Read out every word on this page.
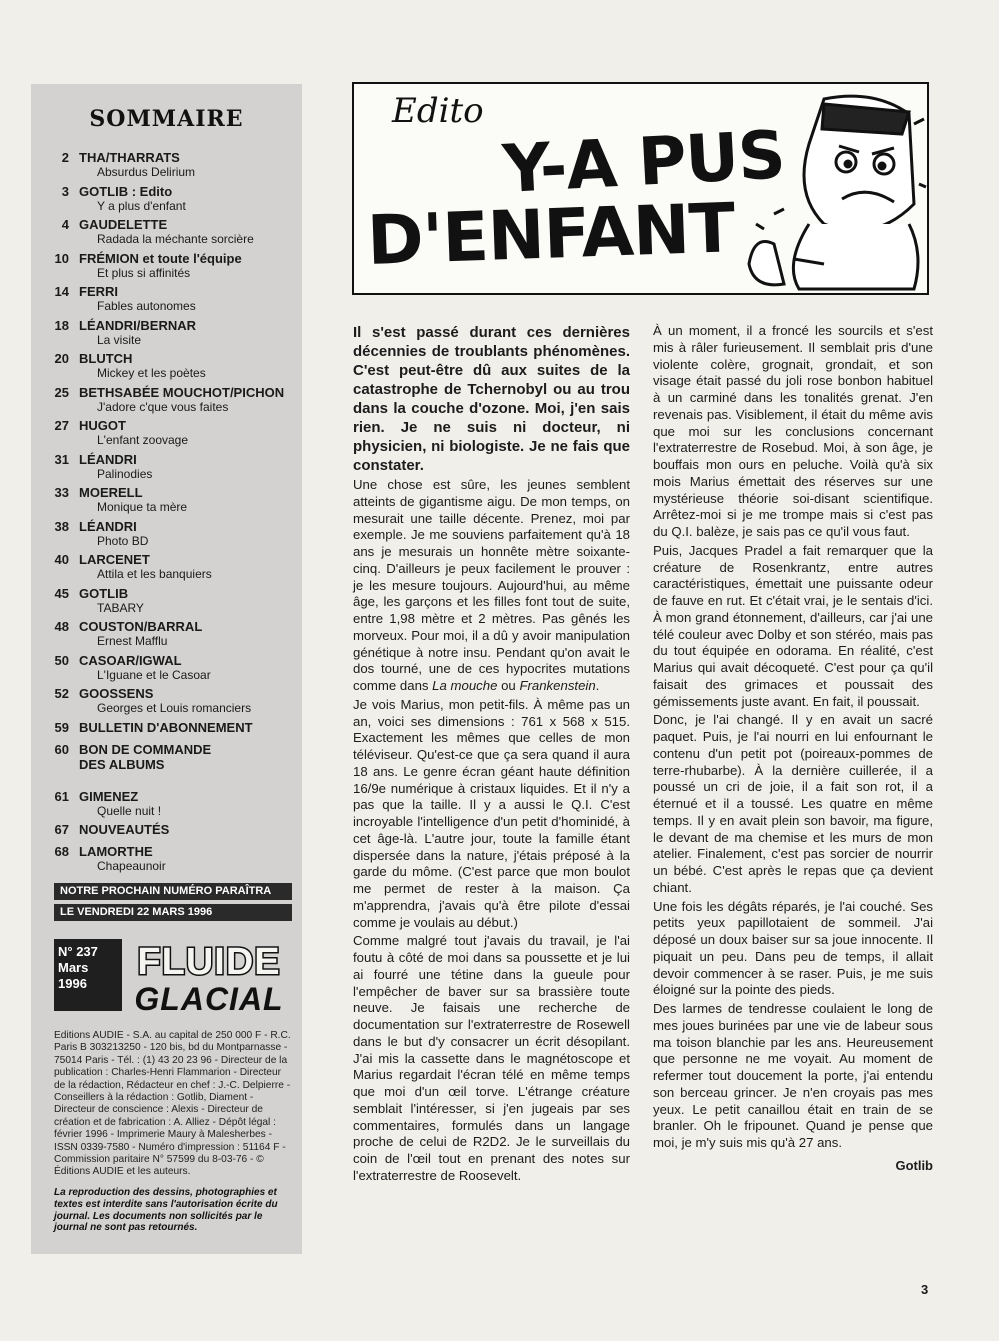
SOMMAIRE
2 THA/THARRATS
Absurdus Delirium
3 GOTLIB : Edito
Y a plus d'enfant
4 GAUDELETTE
Radada la méchante sorcière
10 FRÉMION et toute l'équipe
Et plus si affinités
14 FERRI
Fables autonomes
18 LÉANDRI/BERNAR
La visite
20 BLUTCH
Mickey et les poètes
25 BETHSABÉE MOUCHOT/PICHON
J'adore c'que vous faites
27 HUGOT
L'enfant zoovage
31 LÉANDRI
Palinodies
33 MOERELL
Monique ta mère
38 LÉANDRI
Photo BD
40 LARCENET
Attila et les banquiers
45 GOTLIB
TABARY
48 COUSTON/BARRAL
Ernest Mafflu
50 CASOAR/IGWAL
L'Iguane et le Casoar
52 GOOSSENS
Georges et Louis romanciers
59 BULLETIN D'ABONNEMENT
60 BON DE COMMANDE DES ALBUMS
61 GIMENEZ
Quelle nuit !
67 NOUVEAUTÉS
68 LAMORTHE
Chapeaunoir
NOTRE PROCHAIN NUMÉRO PARAÎTRA
LE VENDREDI 22 MARS 1996
N° 237
Mars
1996
FLUIDE
GLACIAL
Editions AUDIE - S.A. au capital de 250 000 F - R.C. Paris B 303213250 - 120 bis, bd du Montparnasse - 75014 Paris - Tél. : (1) 43 20 23 96 - Directeur de la publication : Charles-Henri Flammarion - Directeur de la rédaction, Rédacteur en chef : J.-C. Delpierre - Conseillers à la rédaction : Gotlib, Diament - Directeur de conscience : Alexis - Directeur de création et de fabrication : A. Alliez - Dépôt légal : février 1996 - Imprimerie Maury à Malesherbes - ISSN 0339-7580 - Numéro d'impression : 51164 F - Commission paritaire N° 57599 du 8-03-76 - © Éditions AUDIE et les auteurs.
La reproduction des dessins, photographies et textes est interdite sans l'autorisation écrite du journal. Les documents non sollicités par le journal ne sont pas retournés.
Edito
Y-A PUS
D'ENFANT

Il s'est passé durant ces dernières décennies de troublants phénomènes. C'est peut-être dû aux suites de la catastrophe de Tchernobyl ou au trou dans la couche d'ozone. Moi, j'en sais rien. Je ne suis ni docteur, ni physicien, ni biologiste. Je ne fais que constater.

Une chose est sûre, les jeunes semblent atteints de gigantisme aigu. De mon temps, on mesurait une taille décente. Prenez, moi par exemple. Je me souviens parfaitement qu'à 18 ans je mesurais un honnête mètre soixante-cinq. D'ailleurs je peux facilement le prouver : je les mesure toujours. Aujourd'hui, au même âge, les garçons et les filles font tout de suite, entre 1,98 mètre et 2 mètres. Pas gênés les morveux. Pour moi, il a dû y avoir manipulation génétique à notre insu. Pendant qu'on avait le dos tourné, une de ces hypocrites mutations comme dans La mouche ou Frankenstein.

Je vois Marius, mon petit-fils. À même pas un an, voici ses dimensions : 761 x 568 x 515. Exactement les mêmes que celles de mon téléviseur. Qu'est-ce que ça sera quand il aura 18 ans. Le genre écran géant haute définition 16/9e numérique à cristaux liquides. Et il n'y a pas que la taille. Il y a aussi le Q.I. C'est incroyable l'intelligence d'un petit d'hominidé, à cet âge-là. L'autre jour, toute la famille étant dispersée dans la nature, j'étais préposé à la garde du môme. (C'est parce que mon boulot me permet de rester à la maison. Ça m'apprendra, j'avais qu'à être pilote d'essai comme je voulais au début.)

Comme malgré tout j'avais du travail, je l'ai foutu à côté de moi dans sa poussette et je lui ai fourré une tétine dans la gueule pour l'empêcher de baver sur sa brassière toute neuve. Je faisais une recherche de documentation sur l'extraterrestre de Rosewell dans le but d'y consacrer un écrit désopilant. J'ai mis la cassette dans le magnétoscope et Marius regardait l'écran télé en même temps que moi d'un œil torve. L'étrange créature semblait l'intéresser, si j'en jugeais par ses commentaires, formulés dans un langage proche de celui de R2D2. Je le surveillais du coin de l'œil tout en prenant des notes sur l'extraterrestre de Roosevelt.

À un moment, il a froncé les sourcils et s'est mis à râler furieusement. Il semblait pris d'une violente colère, grognait, grondait, et son visage était passé du joli rose bonbon habituel à un carminé dans les tonalités grenat. J'en revenais pas. Visiblement, il était du même avis que moi sur les conclusions concernant l'extraterrestre de Rosebud. Moi, à son âge, je bouffais mon ours en peluche. Voilà qu'à six mois Marius émettait des réserves sur une mystérieuse théorie soi-disant scientifique. Arrêtez-moi si je me trompe mais si c'est pas du Q.I. balèze, je sais pas ce qu'il vous faut.

Puis, Jacques Pradel a fait remarquer que la créature de Rosenkrantz, entre autres caractéristiques, émettait une puissante odeur de fauve en rut. Et c'était vrai, je le sentais d'ici. À mon grand étonnement, d'ailleurs, car j'ai une télé couleur avec Dolby et son stéréo, mais pas du tout équipée en odorama. En réalité, c'est Marius qui avait décoqueté. C'est pour ça qu'il faisait des grimaces et poussait des gémissements juste avant. En fait, il poussait.

Donc, je l'ai changé. Il y en avait un sacré paquet. Puis, je l'ai nourri en lui enfournant le contenu d'un petit pot (poireaux-pommes de terre-rhubarbe). À la dernière cuillerée, il a poussé un cri de joie, il a fait son rot, il a éternué et il a toussé. Les quatre en même temps. Il y en avait plein son bavoir, ma figure, le devant de ma chemise et les murs de mon atelier. Finalement, c'est pas sorcier de nourrir un bébé. C'est après le repas que ça devient chiant.

Une fois les dégâts réparés, je l'ai couché. Ses petits yeux papillotaient de sommeil. J'ai déposé un doux baiser sur sa joue innocente. Il piquait un peu. Dans peu de temps, il allait devoir commencer à se raser. Puis, je me suis éloigné sur la pointe des pieds.

Des larmes de tendresse coulaient le long de mes joues burinées par une vie de labeur sous ma toison blanchie par les ans. Heureusement que personne ne me voyait. Au moment de refermer tout doucement la porte, j'ai entendu son berceau grincer. Je n'en croyais pas mes yeux. Le petit canaillou était en train de se branler. Oh le fripounet. Quand je pense que moi, je m'y suis mis qu'à 27 ans.

Gotlib
3
